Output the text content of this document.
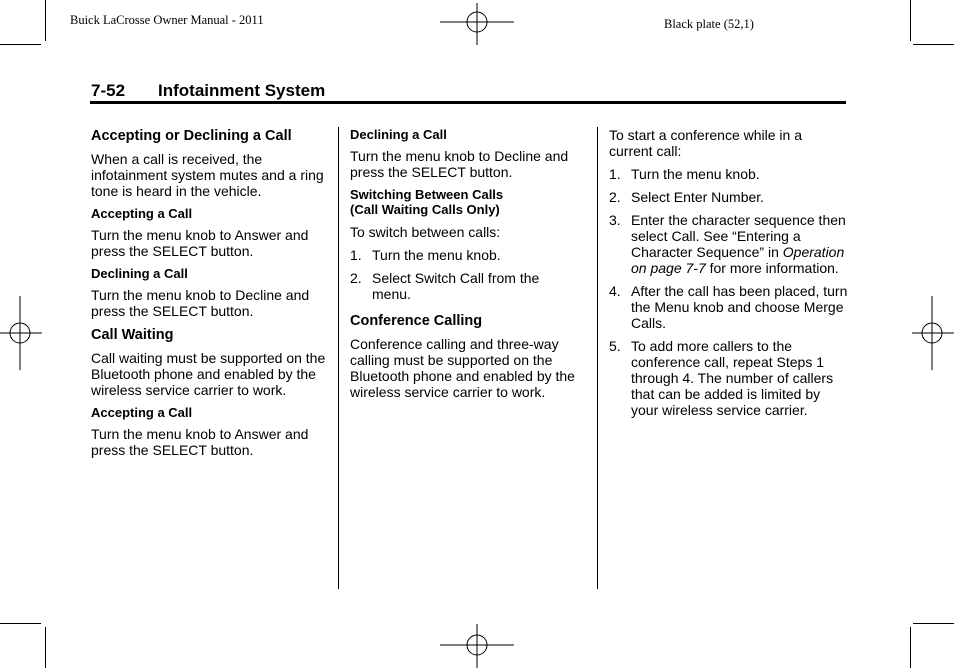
Buick LaCrosse Owner Manual - 2011	Black plate (52,1)
7-52 Infotainment System
Accepting or Declining a Call

When a call is received, the infotainment system mutes and a ring tone is heard in the vehicle.

Accepting a Call

Turn the menu knob to Answer and press the SELECT button.

Declining a Call

Turn the menu knob to Decline and press the SELECT button.

Call Waiting

Call waiting must be supported on the Bluetooth phone and enabled by the wireless service carrier to work.

Accepting a Call

Turn the menu knob to Answer and press the SELECT button.

Declining a Call

Turn the menu knob to Decline and press the SELECT button.

Switching Between Calls
(Call Waiting Calls Only)

To switch between calls:

1. Turn the menu knob.
2. Select Switch Call from the menu.
Conference Calling

Conference calling and three-way calling must be supported on the Bluetooth phone and enabled by the wireless service carrier to work.

To start a conference while in a current call:

1. Turn the menu knob.
2. Select Enter Number.
3. Enter the character sequence then select Call. See “Entering a Character Sequence” in Operation on page 7-7 for more information.
4. After the call has been placed, turn the Menu knob and choose Merge Calls.
5. To add more callers to the conference call, repeat Steps 1 through 4. The number of callers that can be added is limited by your wireless service carrier.
